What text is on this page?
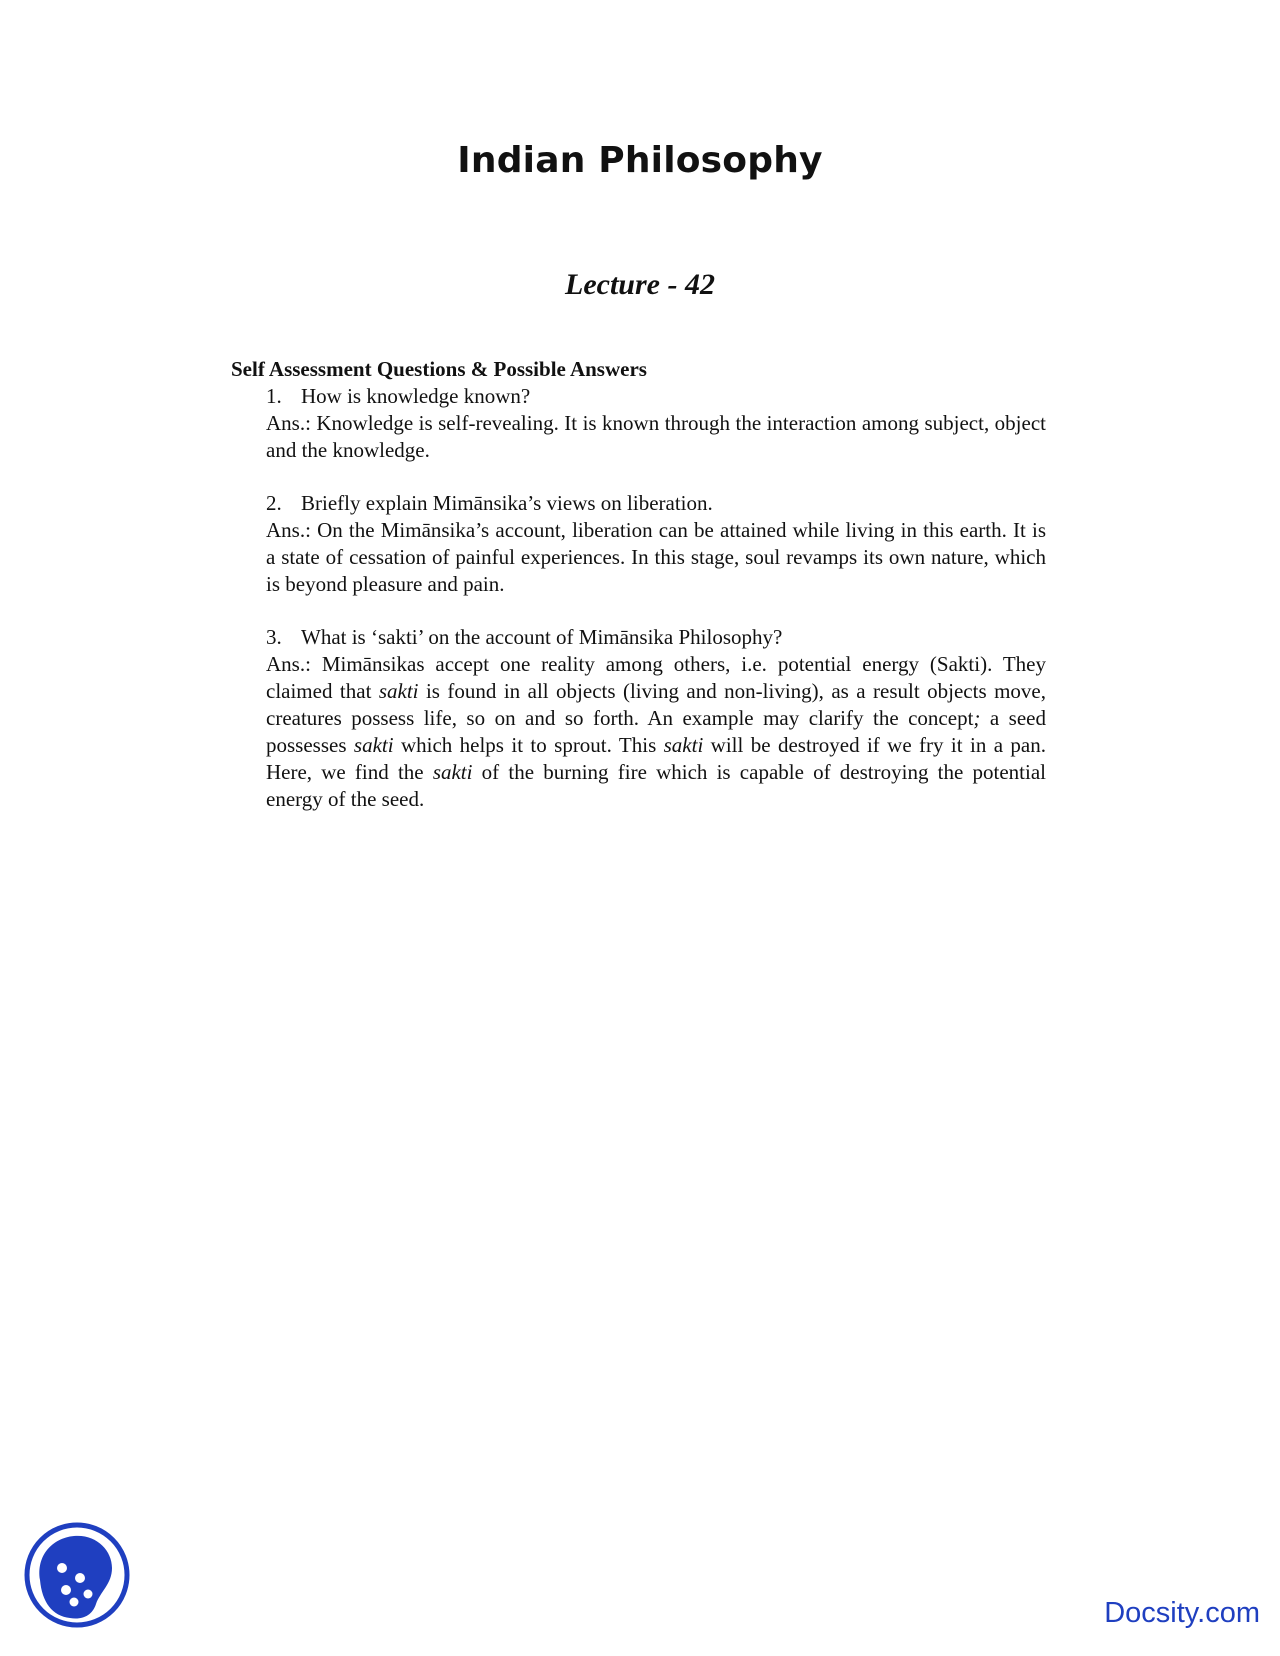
Indian Philosophy
Lecture - 42

Self Assessment Questions & Possible Answers

1. How is knowledge known?
Ans.: Knowledge is self-revealing. It is known through the interaction among subject, object and the knowledge.
2. Briefly explain Mimānsika’s views on liberation.
Ans.: On the Mimānsika’s account, liberation can be attained while living in this earth. It is a state of cessation of painful experiences. In this stage, soul revamps its own nature, which is beyond pleasure and pain.
3. What is ‘sakti’ on the account of Mimānsika Philosophy?
Ans.: Mimānsikas accept one reality among others, i.e. potential energy (Sakti). They claimed that sakti is found in all objects (living and non-living), as a result objects move, creatures possess life, so on and so forth. An example may clarify the concept; a seed possesses sakti which helps it to sprout. This sakti will be destroyed if we fry it in a pan. Here, we find the sakti of the burning fire which is capable of destroying the potential energy of the seed.
Docsity.com
